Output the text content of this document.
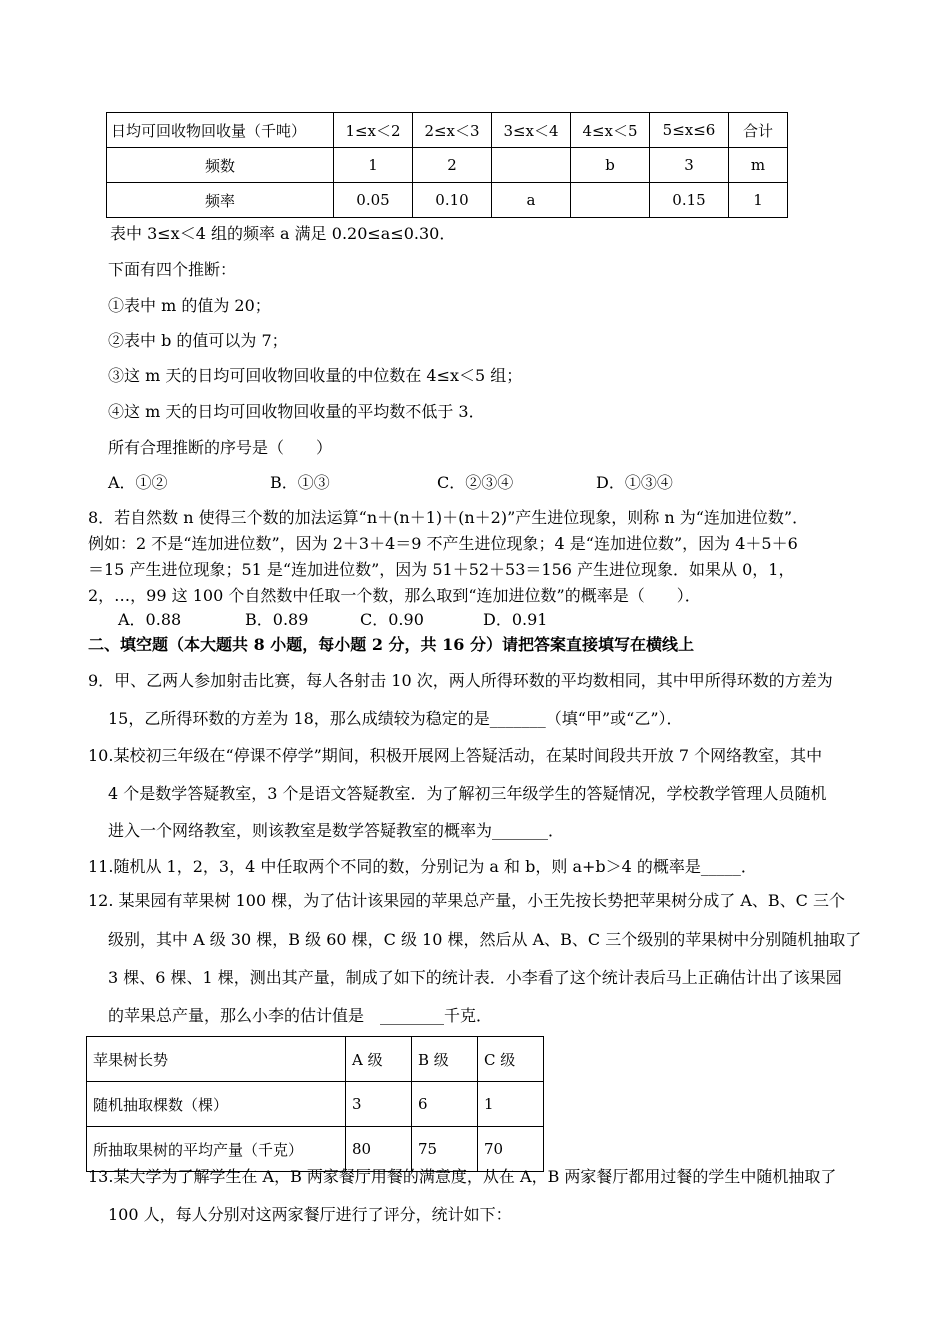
日均可回收物回收量（千吨）	1≤x＜2	2≤x＜3	3≤x＜4	4≤x＜5	5≤x≤6	合计
频数	1	2		b	3	m
频率	0.05	0.10	a		0.15	1
表中 3≤x＜4 组的频率 a 满足 0.20≤a≤0.30．
下面有四个推断：
①表中 m 的值为 20；
②表中 b 的值可以为 7；
③这 m 天的日均可回收物回收量的中位数在 4≤x＜5 组；
④这 m 天的日均可回收物回收量的平均数不低于 3．
所有合理推断的序号是（　　）
A．①②	B．①③	C．②③④	D．①③④
8．若自然数 n 使得三个数的加法运算“n＋(n＋1)＋(n＋2)”产生进位现象，则称 n 为“连加进位数”．
例如：2 不是“连加进位数”，因为 2＋3＋4＝9 不产生进位现象；4 是“连加进位数”，因为 4＋5＋6
＝15 产生进位现象；51 是“连加进位数”，因为 51＋52＋53＝156 产生进位现象．如果从 0，1，
2，…，99 这 100 个自然数中任取一个数，那么取到“连加进位数”的概率是（　　）．
A．0.88	B．0.89	C．0.90	D．0.91
二、填空题（本大题共 8 小题，每小题 2 分，共 16 分）请把答案直接填写在横线上
9．甲、乙两人参加射击比赛，每人各射击 10 次，两人所得环数的平均数相同，其中甲所得环数的方差为
15，乙所得环数的方差为 18，那么成绩较为稳定的是_______（填“甲”或“乙”）．
10.某校初三年级在“停课不停学”期间，积极开展网上答疑活动，在某时间段共开放 7 个网络教室，其中
4 个是数学答疑教室，3 个是语文答疑教室．为了解初三年级学生的答疑情况，学校教学管理人员随机
进入一个网络教室，则该教室是数学答疑教室的概率为_______．
11.随机从 1，2，3，4 中任取两个不同的数，分别记为 a 和 b，则 a+b＞4 的概率是_____．
12. 某果园有苹果树 100 棵，为了估计该果园的苹果总产量，小王先按长势把苹果树分成了 A、B、C 三个
级别，其中 A 级 30 棵，B 级 60 棵，C 级 10 棵，然后从 A、B、C 三个级别的苹果树中分别随机抽取了
3 棵、6 棵、1 棵，测出其产量，制成了如下的统计表．小李看了这个统计表后马上正确估计出了该果园
的苹果总产量，那么小李的估计值是　________千克．
苹果树长势	A 级	B 级	C 级
随机抽取棵数（棵）	3	6	1
所抽取果树的平均产量（千克）	80	75	70
13.某大学为了解学生在 A，B 两家餐厅用餐的满意度，从在 A，B 两家餐厅都用过餐的学生中随机抽取了
100 人，每人分别对这两家餐厅进行了评分，统计如下：
